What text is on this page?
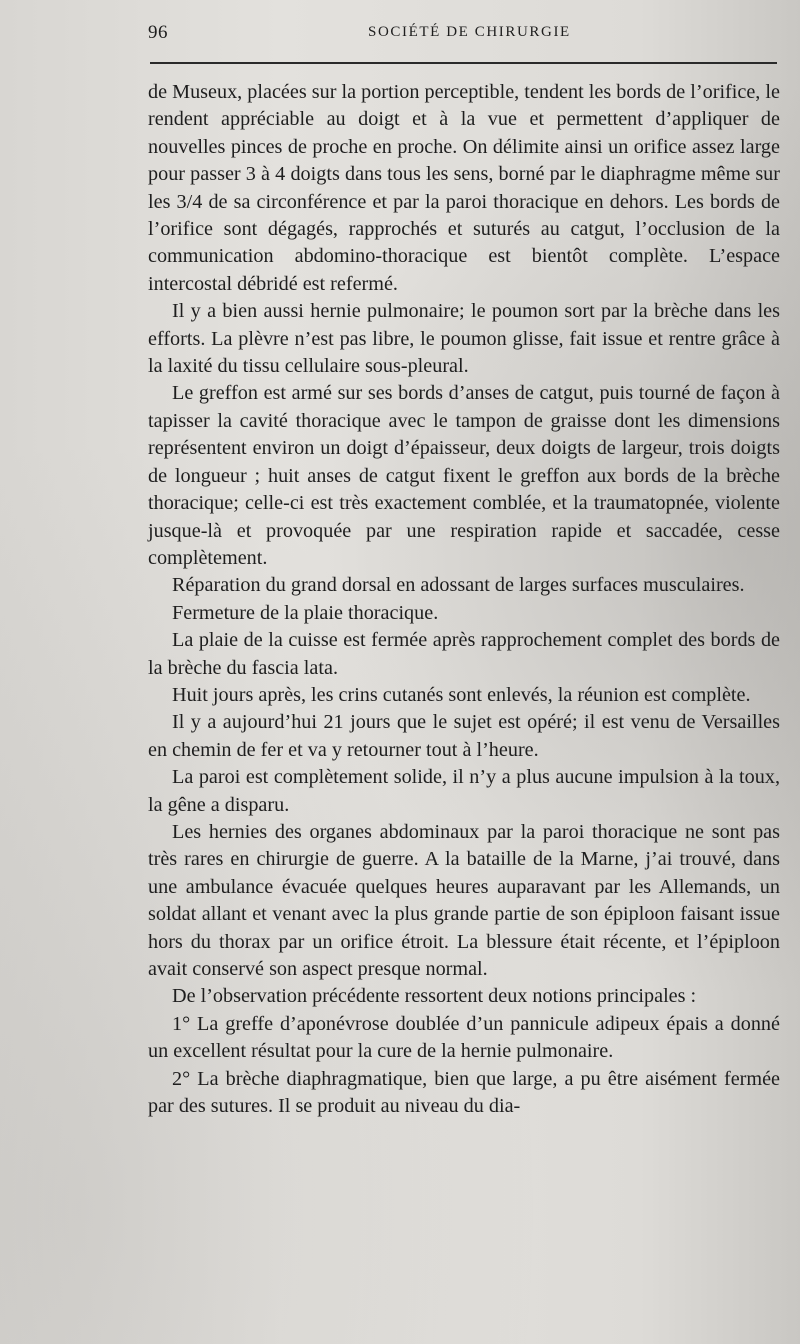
96	SOCIÉTÉ DE CHIRURGIE

de Museux, placées sur la portion perceptible, tendent les bords de l’orifice, le rendent appréciable au doigt et à la vue et permettent d’appliquer de nouvelles pinces de proche en proche. On délimite ainsi un orifice assez large pour passer 3 à 4 doigts dans tous les sens, borné par le diaphragme même sur les 3/4 de sa circonférence et par la paroi thoracique en dehors. Les bords de l’orifice sont dégagés, rapprochés et suturés au catgut, l’occlusion de la communication abdomino-thoracique est bientôt complète. L’espace intercostal débridé est refermé.

Il y a bien aussi hernie pulmonaire; le poumon sort par la brèche dans les efforts. La plèvre n’est pas libre, le poumon glisse, fait issue et rentre grâce à la laxité du tissu cellulaire sous-pleural.

Le greffon est armé sur ses bords d’anses de catgut, puis tourné de façon à tapisser la cavité thoracique avec le tampon de graisse dont les dimensions représentent environ un doigt d’épaisseur, deux doigts de largeur, trois doigts de longueur ; huit anses de catgut fixent le greffon aux bords de la brèche thoracique; celle-ci est très exactement comblée, et la traumatopnée, violente jusque-là et provoquée par une respiration rapide et saccadée, cesse complètement.

Réparation du grand dorsal en adossant de larges surfaces musculaires.

Fermeture de la plaie thoracique.

La plaie de la cuisse est fermée après rapprochement complet des bords de la brèche du fascia lata.

Huit jours après, les crins cutanés sont enlevés, la réunion est complète.

Il y a aujourd’hui 21 jours que le sujet est opéré; il est venu de Versailles en chemin de fer et va y retourner tout à l’heure.

La paroi est complètement solide, il n’y a plus aucune impulsion à la toux, la gêne a disparu.

Les hernies des organes abdominaux par la paroi thoracique ne sont pas très rares en chirurgie de guerre. A la bataille de la Marne, j’ai trouvé, dans une ambulance évacuée quelques heures auparavant par les Allemands, un soldat allant et venant avec la plus grande partie de son épiploon faisant issue hors du thorax par un orifice étroit. La blessure était récente, et l’épiploon avait conservé son aspect presque normal.

De l’observation précédente ressortent deux notions principales :

1° La greffe d’aponévrose doublée d’un pannicule adipeux épais a donné un excellent résultat pour la cure de la hernie pulmonaire.

2° La brèche diaphragmatique, bien que large, a pu être aisément fermée par des sutures. Il se produit au niveau du dia-
